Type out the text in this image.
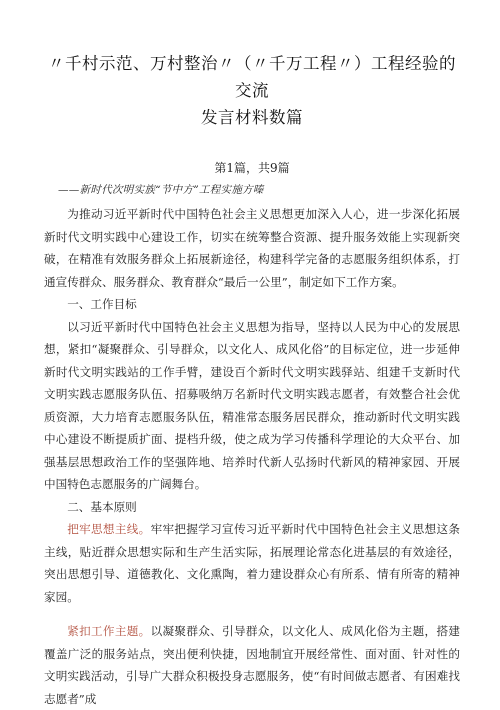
〃千村示范、万村整治〃（〃千万工程〃）工程经验的交流
发言材料数篇
第1篇，共9篇
——新时代次明实族“节中方”工程实施方嗪

为推动习近平新时代中国特色社会主义思想更加深入人心，进一步深化拓展新时代文明实践中心建设工作，切实在统筹整合资源、提升服务效能上实现新突破，在精准有效服务群众上拓展新途径，构建科学完备的志愿服务组织体系，打通宣传群众、服务群众、教育群众“最后一公里”，制定如下工作方案。

一、工作目标

以习近平新时代中国特色社会主义思想为指导，坚持以人民为中心的发展思想，紧扣“凝聚群众、引导群众，以文化人、成风化俗”的目标定位，进一步延伸新时代文明实践站的工作手臂，建设百个新时代文明实践驿站、组建千支新时代文明实践志愿服务队伍、招募吸纳万名新时代文明实践志愿者，有效整合社会优质资源，大力培育志愿服务队伍，精准常态服务居民群众，推动新时代文明实践中心建设不断提质扩面、提档升级，使之成为学习传播科学理论的大众平台、加强基层思想政治工作的坚强阵地、培养时代新人弘扬时代新风的精神家园、开展中国特色志愿服务的广阔舞台。

二、基本原则

把牢思想主线。牢牢把握学习宣传习近平新时代中国特色社会主义思想这条主线，贴近群众思想实际和生产生活实际，拓展理论常态化进基层的有效途径，突出思想引导、道德教化、文化熏陶，着力建设群众心有所系、情有所寄的精神家园。

紧扣工作主题。以凝聚群众、引导群众，以文化人、成风化俗为主题，搭建覆盖广泛的服务站点，突出便利快捷，因地制宜开展经常性、面对面、针对性的文明实践活动，引导广大群众积极投身志愿服务，使“有时间做志愿者、有困难找志愿者”成
